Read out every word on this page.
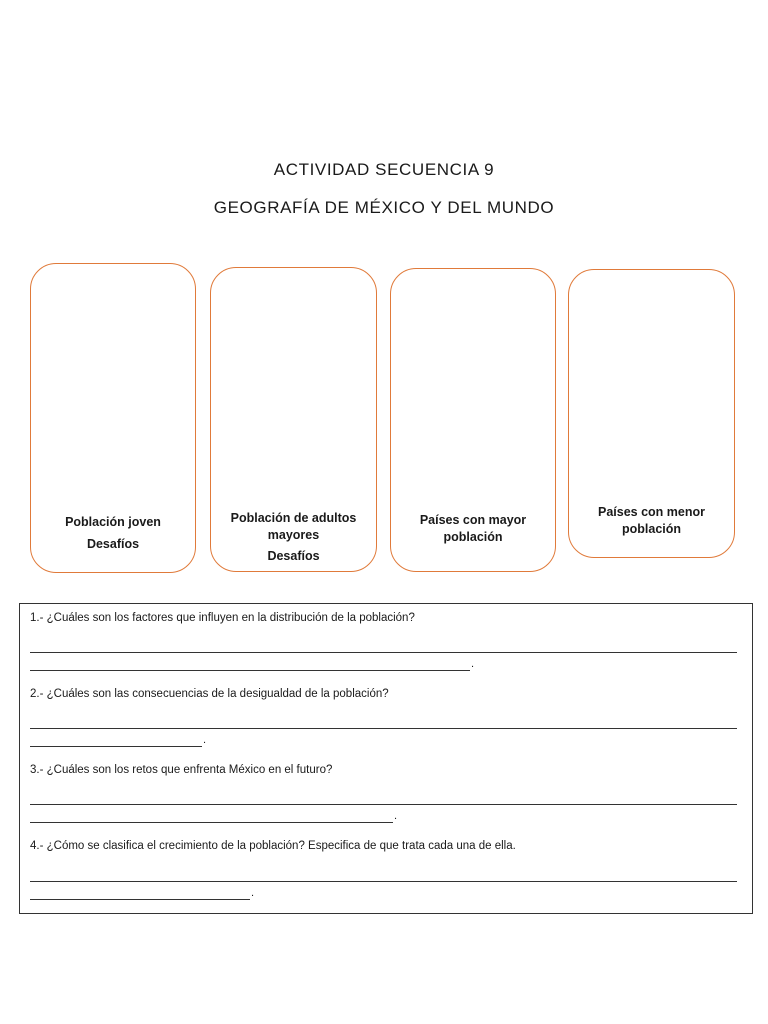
ACTIVIDAD SECUENCIA 9
GEOGRAFÍA DE MÉXICO Y DEL MUNDO
Población joven
Desafíos
Población de adultos
mayores
Desafíos
Países con mayor
población
Países con menor
población
1.- ¿Cuáles son los factores que influyen en la distribución de la población?
.
2.- ¿Cuáles son las consecuencias de la desigualdad de la población?
.
3.- ¿Cuáles son los retos que enfrenta México en el futuro?
.
4.- ¿Cómo se clasifica el crecimiento de la población? Especifica de que trata cada una de ella.
.
